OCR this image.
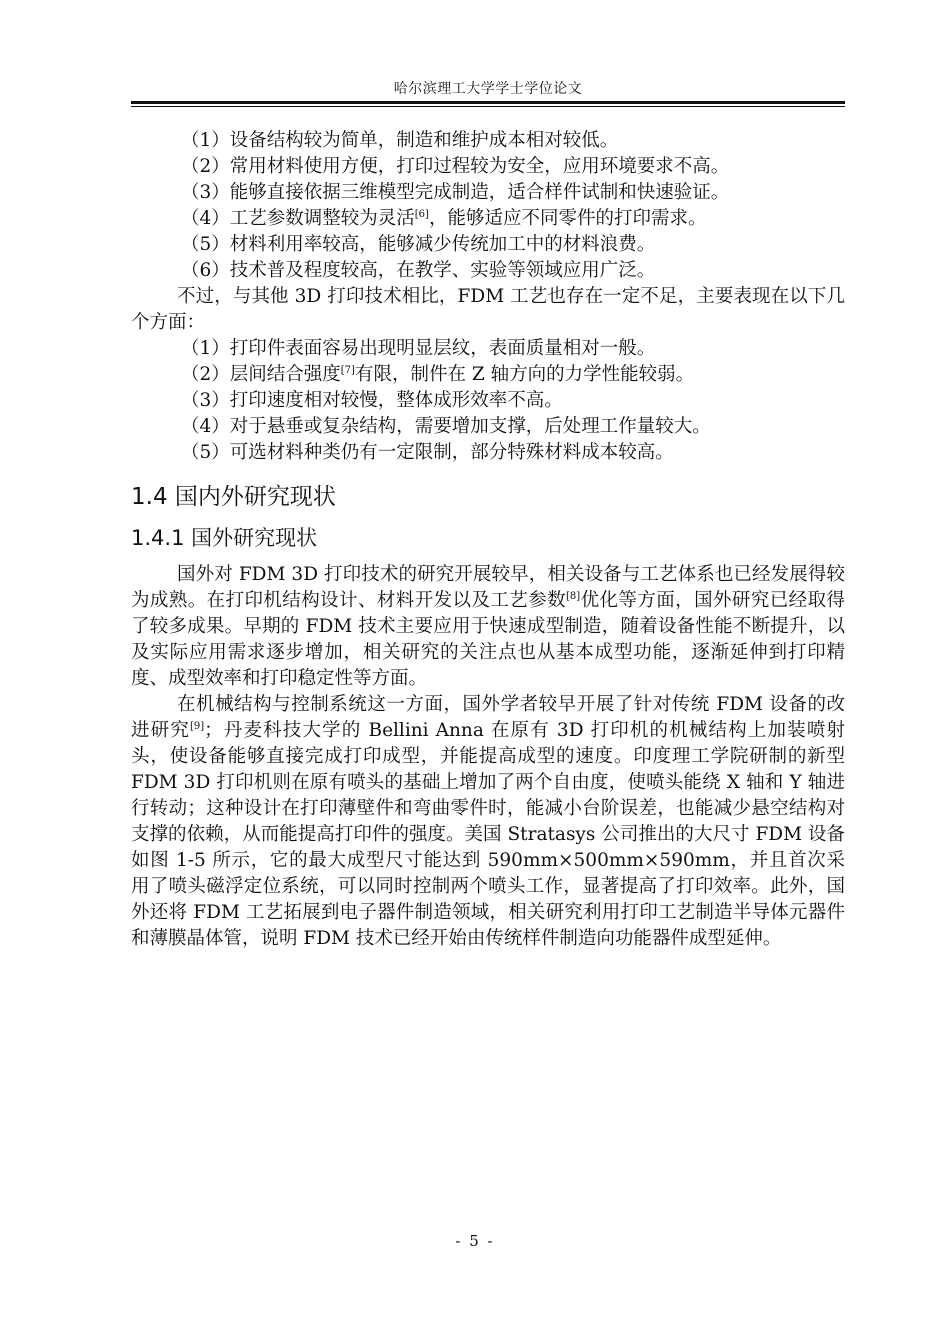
哈尔滨理工大学学士学位论文

（1）设备结构较为简单，制造和维护成本相对较低。

（2）常用材料使用方便，打印过程较为安全，应用环境要求不高。

（3）能够直接依据三维模型完成制造，适合样件试制和快速验证。

（4）工艺参数调整较为灵活[6]，能够适应不同零件的打印需求。

（5）材料利用率较高，能够减少传统加工中的材料浪费。

（6）技术普及程度较高，在教学、实验等领域应用广泛。

不过，与其他 3D 打印技术相比，FDM 工艺也存在一定不足，主要表现在以下几个方面：

（1）打印件表面容易出现明显层纹，表面质量相对一般。

（2）层间结合强度[7]有限，制件在 Z 轴方向的力学性能较弱。

（3）打印速度相对较慢，整体成形效率不高。

（4）对于悬垂或复杂结构，需要增加支撑，后处理工作量较大。

（5）可选材料种类仍有一定限制，部分特殊材料成本较高。

1.4 国内外研究现状
1.4.1 国外研究现状

国外对 FDM 3D 打印技术的研究开展较早，相关设备与工艺体系也已经发展得较为成熟。在打印机结构设计、材料开发以及工艺参数[8]优化等方面，国外研究已经取得了较多成果。早期的 FDM 技术主要应用于快速成型制造，随着设备性能不断提升，以及实际应用需求逐步增加，相关研究的关注点也从基本成型功能，逐渐延伸到打印精度、成型效率和打印稳定性等方面。

在机械结构与控制系统这一方面，国外学者较早开展了针对传统 FDM 设备的改进研究[9]；丹麦科技大学的 Bellini Anna 在原有 3D 打印机的机械结构上加装喷射头，使设备能够直接完成打印成型，并能提高成型的速度。印度理工学院研制的新型 FDM 3D 打印机则在原有喷头的基础上增加了两个自由度，使喷头能绕 X 轴和 Y 轴进行转动；这种设计在打印薄壁件和弯曲零件时，能减小台阶误差，也能减少悬空结构对支撑的依赖，从而能提高打印件的强度。美国 Stratasys 公司推出的大尺寸 FDM 设备如图 1-5 所示，它的最大成型尺寸能达到 590mm×500mm×590mm，并且首次采用了喷头磁浮定位系统，可以同时控制两个喷头工作，显著提高了打印效率。此外，国外还将 FDM 工艺拓展到电子器件制造领域，相关研究利用打印工艺制造半导体元器件和薄膜晶体管，说明 FDM 技术已经开始由传统样件制造向功能器件成型延伸。

- 5 -
